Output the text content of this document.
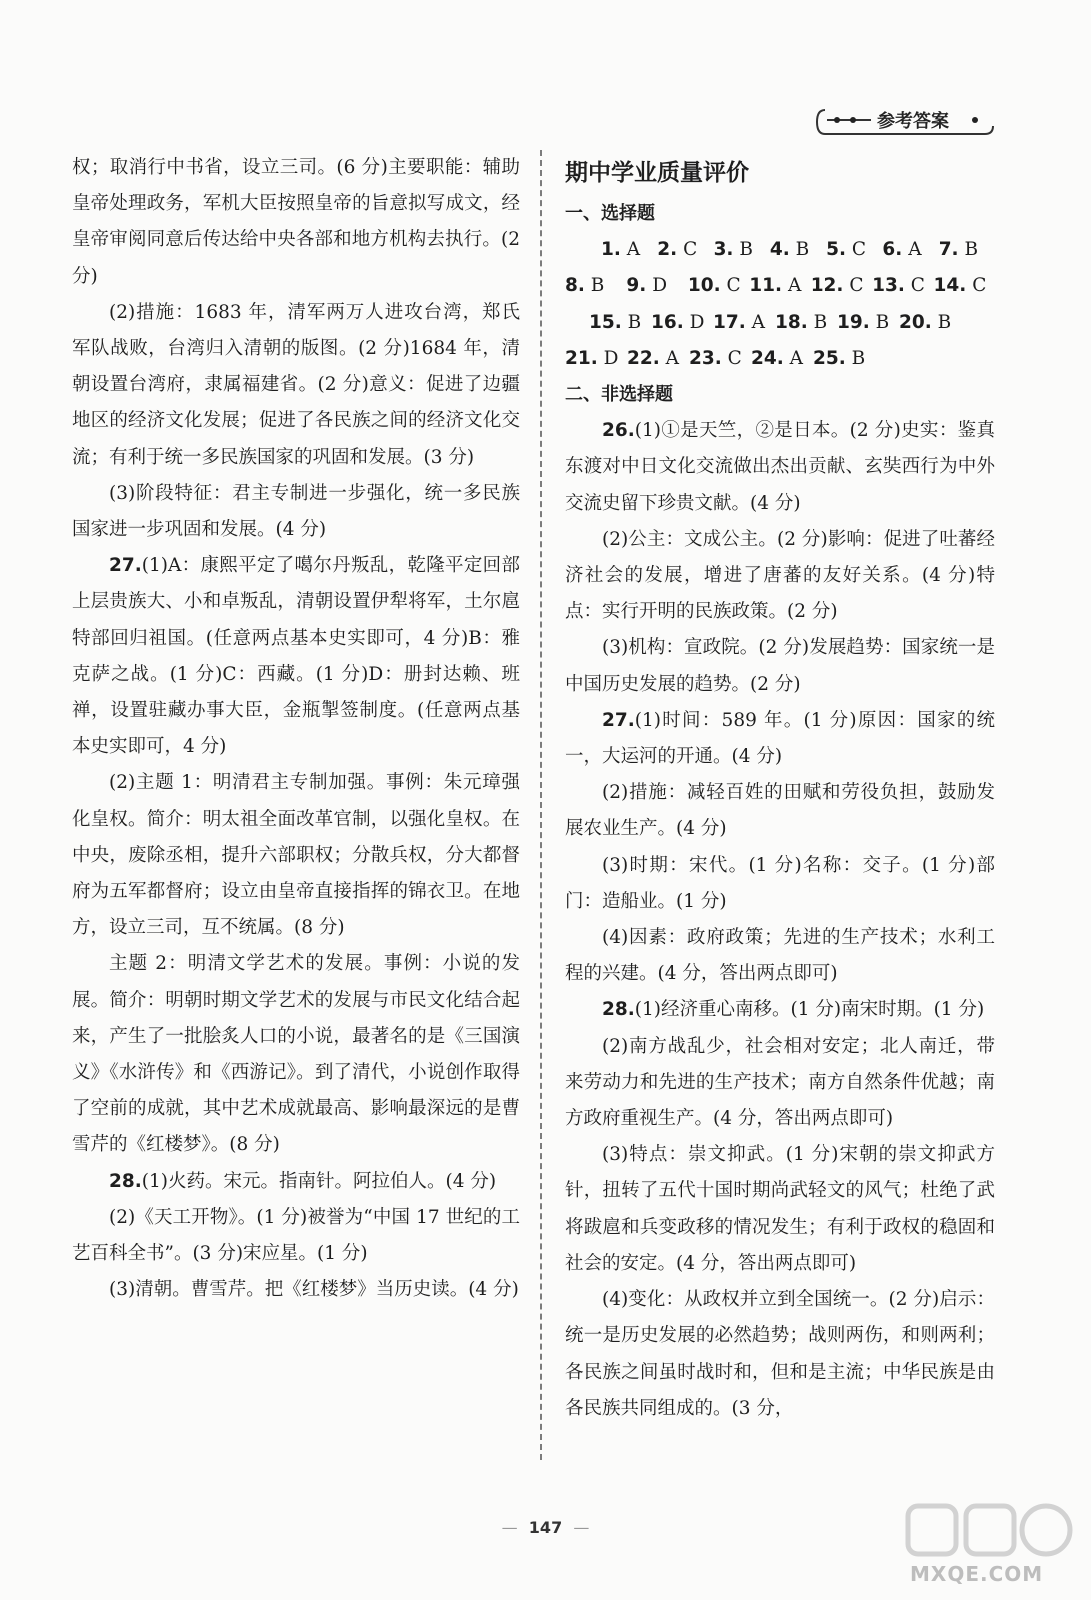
参考答案

权；取消行中书省，设立三司。(6 分)主要职能：辅助皇帝处理政务，军机大臣按照皇帝的旨意拟写成文，经皇帝审阅同意后传达给中央各部和地方机构去执行。(2 分)

(2)措施：1683 年，清军两万人进攻台湾，郑氏军队战败，台湾归入清朝的版图。(2 分)1684 年，清朝设置台湾府，隶属福建省。(2 分)意义：促进了边疆地区的经济文化发展；促进了各民族之间的经济文化交流；有利于统一多民族国家的巩固和发展。(3 分)

(3)阶段特征：君主专制进一步强化，统一多民族国家进一步巩固和发展。(4 分)

27.(1)A：康熙平定了噶尔丹叛乱，乾隆平定回部上层贵族大、小和卓叛乱，清朝设置伊犁将军，土尔扈特部回归祖国。(任意两点基本史实即可，4 分)B：雅克萨之战。(1 分)C：西藏。(1 分)D：册封达赖、班禅，设置驻藏办事大臣，金瓶掣签制度。(任意两点基本史实即可，4 分)

(2)主题 1：明清君主专制加强。事例：朱元璋强化皇权。简介：明太祖全面改革官制，以强化皇权。在中央，废除丞相，提升六部职权；分散兵权，分大都督府为五军都督府；设立由皇帝直接指挥的锦衣卫。在地方，设立三司，互不统属。(8 分)

主题 2：明清文学艺术的发展。事例：小说的发展。简介：明朝时期文学艺术的发展与市民文化结合起来，产生了一批脍炙人口的小说，最著名的是《三国演义》《水浒传》和《西游记》。到了清代，小说创作取得了空前的成就，其中艺术成就最高、影响最深远的是曹雪芹的《红楼梦》。(8 分)

28.(1)火药。宋元。指南针。阿拉伯人。(4 分)

(2)《天工开物》。(1 分)被誉为“中国 17 世纪的工艺百科全书”。(3 分)宋应星。(1 分)

(3)清朝。曹雪芹。把《红楼梦》当历史读。(4 分)

期中学业质量评价

一、选择题

1. A 2. C 3. B 4. B 5. C 6. A 7. B

8. B	9. D	10. C 11. A 12. C 13. C 14. C

15. B 16. D 17. A 18. B 19. B 20. B

21. D 22. A 23. C 24. A 25. B

二、非选择题

26.(1)①是天竺，②是日本。(2 分)史实：鉴真东渡对中日文化交流做出杰出贡献、玄奘西行为中外交流史留下珍贵文献。(4 分)

(2)公主：文成公主。(2 分)影响：促进了吐蕃经济社会的发展，增进了唐蕃的友好关系。(4 分)特点：实行开明的民族政策。(2 分)

(3)机构：宣政院。(2 分)发展趋势：国家统一是中国历史发展的趋势。(2 分)

27.(1)时间：589 年。(1 分)原因：国家的统一，大运河的开通。(4 分)

(2)措施：减轻百姓的田赋和劳役负担，鼓励发展农业生产。(4 分)

(3)时期：宋代。(1 分)名称：交子。(1 分)部门：造船业。(1 分)

(4)因素：政府政策；先进的生产技术；水利工程的兴建。(4 分，答出两点即可)

28.(1)经济重心南移。(1 分)南宋时期。(1 分)

(2)南方战乱少，社会相对安定；北人南迁，带来劳动力和先进的生产技术；南方自然条件优越；南方政府重视生产。(4 分，答出两点即可)

(3)特点：崇文抑武。(1 分)宋朝的崇文抑武方针，扭转了五代十国时期尚武轻文的风气；杜绝了武将跋扈和兵变政移的情况发生；有利于政权的稳固和社会的安定。(4 分，答出两点即可)

(4)变化：从政权并立到全国统一。(2 分)启示：统一是历史发展的必然趋势；战则两伤，和则两利；各民族之间虽时战时和，但和是主流；中华民族是由各民族共同组成的。(3 分，

— 147 —
MXQE.COM
